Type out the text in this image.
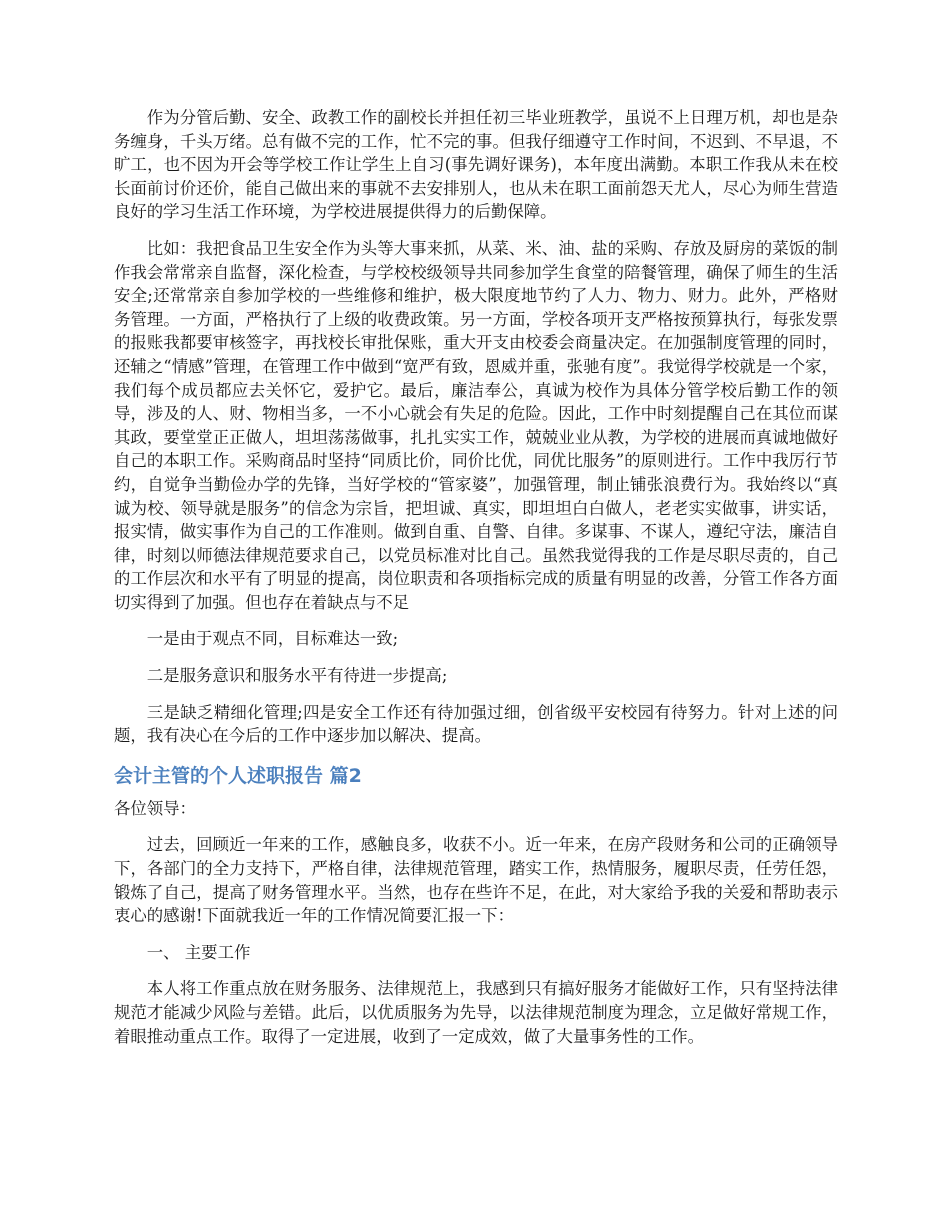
作为分管后勤、安全、政教工作的副校长并担任初三毕业班教学，虽说不上日理万机，却也是杂务缠身，千头万绪。总有做不完的工作，忙不完的事。但我仔细遵守工作时间，不迟到、不早退，不旷工，也不因为开会等学校工作让学生上自习(事先调好课务)，本年度出满勤。本职工作我从未在校长面前讨价还价，能自己做出来的事就不去安排别人，也从未在职工面前怨天尤人，尽心为师生营造良好的学习生活工作环境，为学校进展提供得力的后勤保障。

比如：我把食品卫生安全作为头等大事来抓，从菜、米、油、盐的采购、存放及厨房的菜饭的制作我会常常亲自监督，深化检查，与学校校级领导共同参加学生食堂的陪餐管理，确保了师生的生活安全;还常常亲自参加学校的一些维修和维护，极大限度地节约了人力、物力、财力。此外，严格财务管理。一方面，严格执行了上级的收费政策。另一方面，学校各项开支严格按预算执行，每张发票的报账我都要审核签字，再找校长审批保账，重大开支由校委会商量决定。在加强制度管理的同时，还辅之“情感”管理，在管理工作中做到“宽严有致，恩威并重，张驰有度”。我觉得学校就是一个家，我们每个成员都应去关怀它，爱护它。最后，廉洁奉公，真诚为校作为具体分管学校后勤工作的领导，涉及的人、财、物相当多，一不小心就会有失足的危险。因此，工作中时刻提醒自己在其位而谋其政，要堂堂正正做人，坦坦荡荡做事，扎扎实实工作，兢兢业业从教，为学校的进展而真诚地做好自己的本职工作。采购商品时坚持“同质比价，同价比优，同优比服务”的原则进行。工作中我厉行节约，自觉争当勤俭办学的先锋，当好学校的“管家婆”，加强管理，制止铺张浪费行为。我始终以“真诚为校、领导就是服务”的信念为宗旨，把坦诚、真实，即坦坦白白做人，老老实实做事，讲实话，报实情，做实事作为自己的工作准则。做到自重、自警、自律。多谋事、不谋人，遵纪守法，廉洁自律，时刻以师德法律规范要求自己，以党员标准对比自己。虽然我觉得我的工作是尽职尽责的，自己的工作层次和水平有了明显的提高，岗位职责和各项指标完成的质量有明显的改善，分管工作各方面切实得到了加强。但也存在着缺点与不足

一是由于观点不同，目标难达一致;

二是服务意识和服务水平有待进一步提高;

三是缺乏精细化管理;四是安全工作还有待加强过细，创省级平安校园有待努力。针对上述的问题，我有决心在今后的工作中逐步加以解决、提高。

会计主管的个人述职报告 篇2

各位领导：

过去，回顾近一年来的工作，感触良多，收获不小。近一年来，在房产段财务和公司的正确领导下，各部门的全力支持下，严格自律，法律规范管理，踏实工作，热情服务，履职尽责，任劳任怨，锻炼了自己，提高了财务管理水平。当然，也存在些许不足，在此，对大家给予我的关爱和帮助表示衷心的感谢!下面就我近一年的工作情况简要汇报一下：

一、 主要工作

本人将工作重点放在财务服务、法律规范上，我感到只有搞好服务才能做好工作，只有坚持法律规范才能减少风险与差错。此后，以优质服务为先导，以法律规范制度为理念，立足做好常规工作，着眼推动重点工作。取得了一定进展，收到了一定成效，做了大量事务性的工作。
